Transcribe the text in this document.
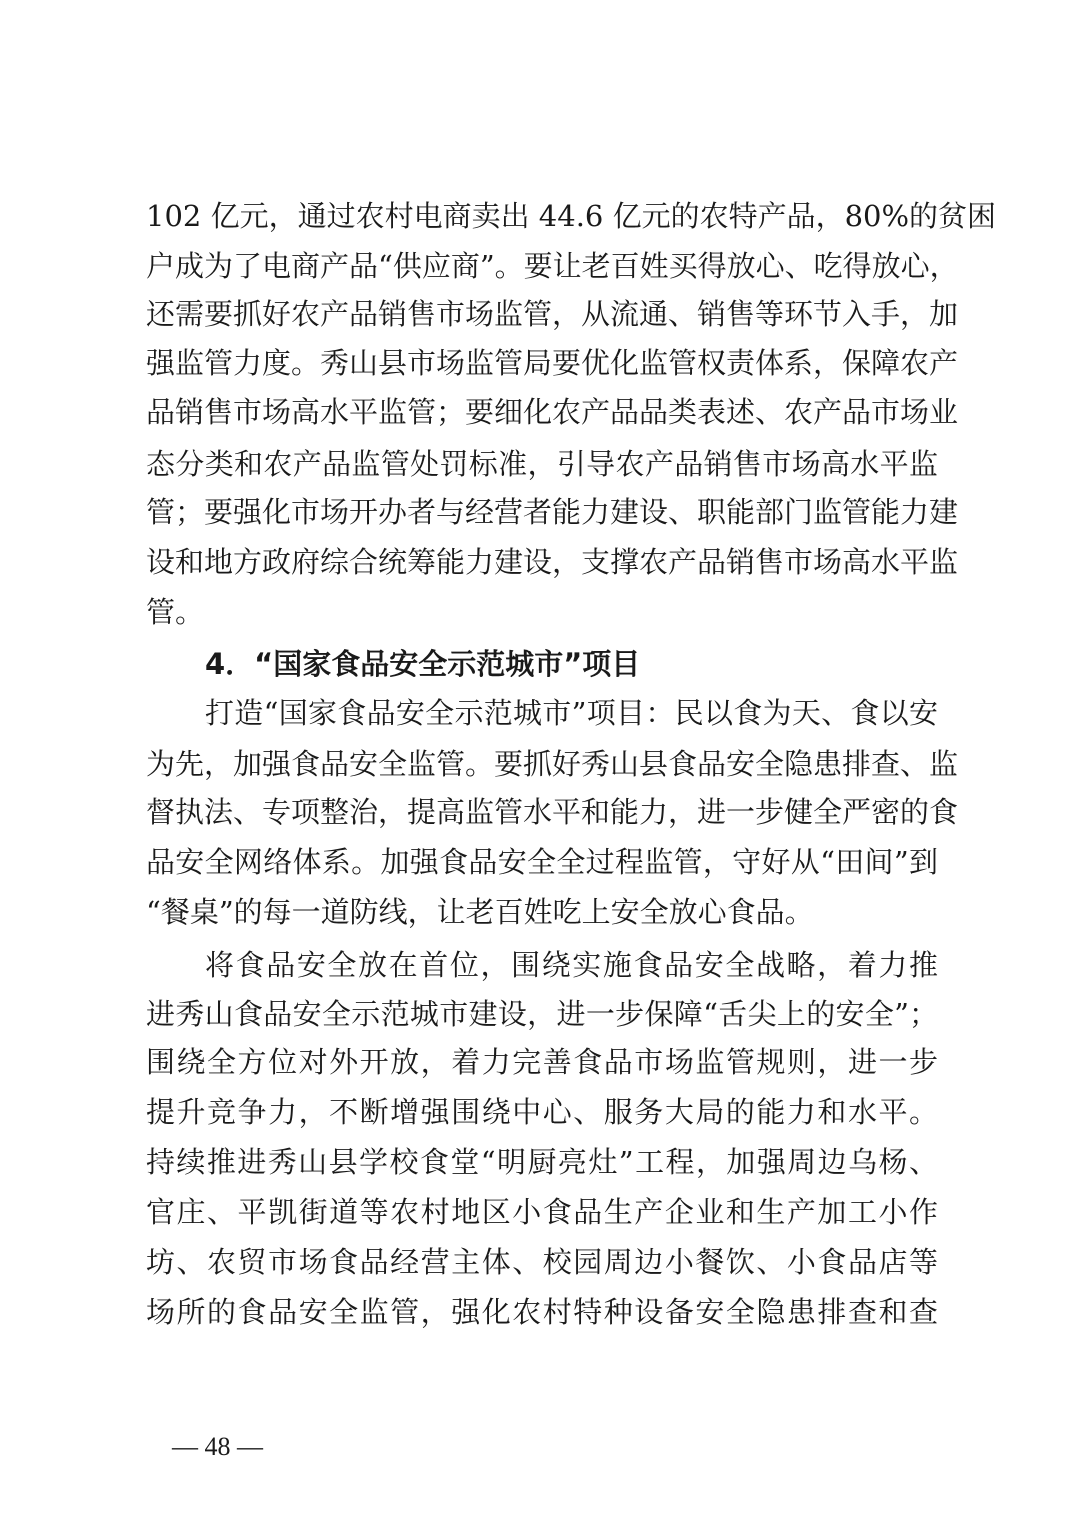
102 亿元，通过农村电商卖出 44.6 亿元的农特产品，80%的贫困
户成为了电商产品“供应商”。要让老百姓买得放心、吃得放心，
还需要抓好农产品销售市场监管，从流通、销售等环节入手，加
强监管力度。秀山县市场监管局要优化监管权责体系，保障农产
品销售市场高水平监管；要细化农产品品类表述、农产品市场业
态分类和农产品监管处罚标准，引导农产品销售市场高水平监
管；要强化市场开办者与经营者能力建设、职能部门监管能力建
设和地方政府综合统筹能力建设，支撑农产品销售市场高水平监
管。
4．“国家食品安全示范城市”项目
打造“国家食品安全示范城市”项目：民以食为天、食以安
为先，加强食品安全监管。要抓好秀山县食品安全隐患排查、监
督执法、专项整治，提高监管水平和能力，进一步健全严密的食
品安全网络体系。加强食品安全全过程监管，守好从“田间”到
“餐桌”的每一道防线，让老百姓吃上安全放心食品。
将食品安全放在首位，围绕实施食品安全战略，着力推
进秀山食品安全示范城市建设，进一步保障“舌尖上的安全”；
围绕全方位对外开放，着力完善食品市场监管规则，进一步
提升竞争力，不断增强围绕中心、服务大局的能力和水平。
持续推进秀山县学校食堂“明厨亮灶”工程，加强周边乌杨、
官庄、平凯街道等农村地区小食品生产企业和生产加工小作
坊、农贸市场食品经营主体、校园周边小餐饮、小食品店等
场所的食品安全监管，强化农村特种设备安全隐患排查和查
— 48 —
